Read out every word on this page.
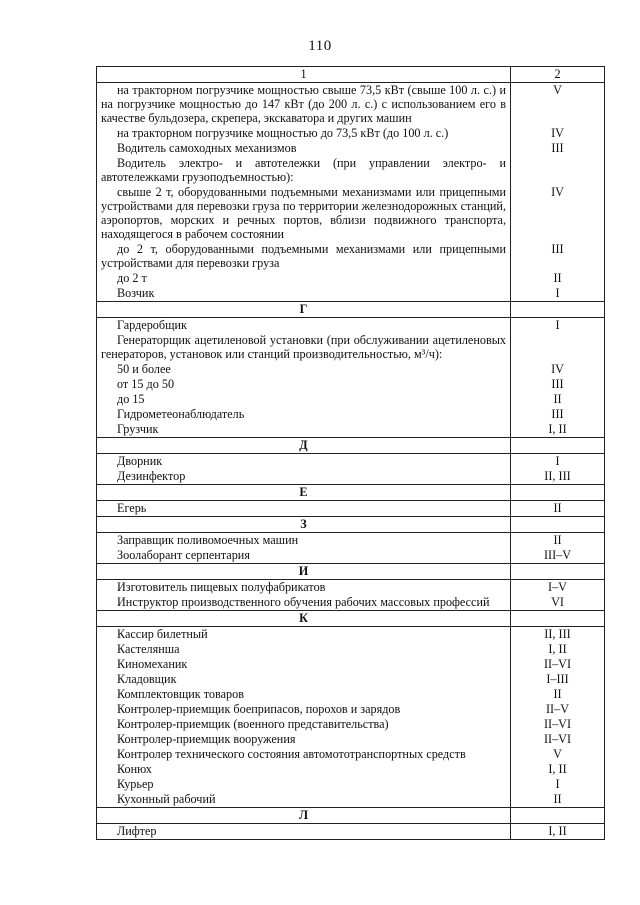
110
1	2
на тракторном погрузчике мощностью свыше 73,5 кВт (свыше 100 л. с.) и на погрузчике мощностью до 147 кВт (до 200 л. с.) с использованием его в качестве бульдозера, скрепера, экскаватора и других машин	V
на тракторном погрузчике мощностью до 73,5 кВт (до 100 л. с.)	IV
Водитель самоходных механизмов	III
Водитель электро- и автотележки (при управлении электро- и автотележками грузоподъемностью):	
свыше 2 т, оборудованными подъемными механизмами или прицепными устройствами для перевозки груза по территории железнодорожных станций, аэропортов, морских и речных портов, вблизи подвижного транспорта, находящегося в рабочем состоянии	IV
до 2 т, оборудованными подъемными механизмами или прицепными устройствами для перевозки груза	III
до 2 т	II
Возчик	I
Г	
Гардеробщик	I
Генераторщик ацетиленовой установки (при обслуживании ацетиленовых генераторов, установок или станций производительностью, м³/ч):	
50 и более	IV
от 15 до 50	III
до 15	II
Гидрометеонаблюдатель	III
Грузчик	I, II
Д	
Дворник	I
Дезинфектор	II, III
Е	
Егерь	II
З	
Заправщик поливомоечных машин	II
Зоолаборант серпентария	III–V
И	
Изготовитель пищевых полуфабрикатов	I–V
Инструктор производственного обучения рабочих массовых профессий	VI
К	
Кассир билетный	II, III
Кастелянша	I, II
Киномеханик	II–VI
Кладовщик	I–III
Комплектовщик товаров	II
Контролер-приемщик боеприпасов, порохов и зарядов	II–V
Контролер-приемщик (военного представительства)	II–VI
Контролер-приемщик вооружения	II–VI
Контролер технического состояния автомототранспортных средств	V
Конюх	I, II
Курьер	I
Кухонный рабочий	II
Л	
Лифтер	I, II
